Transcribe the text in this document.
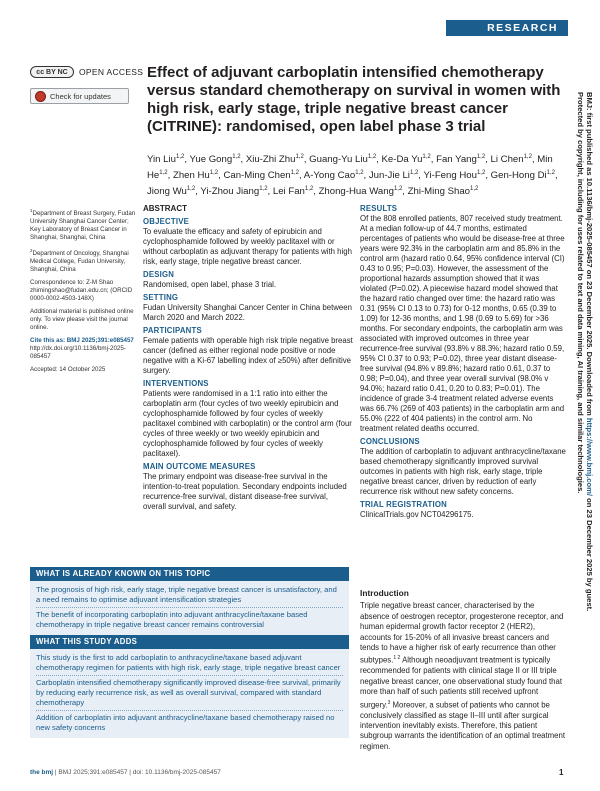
RESEARCH
cc BY NC	OPEN ACCESS
Check for updates
Effect of adjuvant carboplatin intensified chemotherapy versus standard chemotherapy on survival in women with high risk, early stage, triple negative breast cancer (CITRINE): randomised, open label phase 3 trial
Yin Liu$^{1,2}$, Yue Gong$^{1,2}$, Xiu-Zhi Zhu$^{1,2}$, Guang-Yu Liu$^{1,2}$, Ke-Da Yu$^{1,2}$, Fan Yang$^{1,2}$, Li Chen$^{1,2}$, Min He$^{1,2}$, Zhen Hu$^{1,2}$, Can-Ming Chen$^{1,2}$, A-Yong Cao$^{1,2}$, Jun-Jie Li$^{1,2}$, Yi-Feng Hou$^{1,2}$, Gen-Hong Di$^{1,2}$, Jiong Wu$^{1,2}$, Yi-Zhou Jiang$^{1,2}$, Lei Fan$^{1,2}$, Zhong-Hua Wang$^{1,2}$, Zhi-Ming Shao$^{1,2}$

$^1$Department of Breast Surgery, Fudan University Shanghai Cancer Center; Key Laboratory of Breast Cancer in Shanghai, Shanghai, China

$^2$Department of Oncology, Shanghai Medical College, Fudan University, Shanghai, China

Correspondence to: Z-M Shao zhimingshao@fudan.edu.cn; (ORCID 0000-0002-4503-148X)

Additional material is published online only. To view please visit the journal online.

Cite this as: BMJ 2025;391:e085457
http://dx.doi.org/10.1136/bmj-2025-085457

Accepted: 14 October 2025

ABSTRACT

OBJECTIVE

To evaluate the efficacy and safety of epirubicin and cyclophosphamide followed by weekly paclitaxel with or without carboplatin as adjuvant therapy for patients with high risk, early stage, triple negative breast cancer.

DESIGN

Randomised, open label, phase 3 trial.

SETTING

Fudan University Shanghai Cancer Center in China between March 2020 and March 2022.

PARTICIPANTS

Female patients with operable high risk triple negative breast cancer (defined as either regional node positive or node negative with a Ki-67 labelling index of ≥50%) after definitive surgery.

INTERVENTIONS

Patients were randomised in a 1:1 ratio into either the carboplatin arm (four cycles of two weekly epirubicin and cyclophosphamide followed by four cycles of weekly paclitaxel combined with carboplatin) or the control arm (four cycles of three weekly or two weekly epirubicin and cyclophosphamide followed by four cycles of weekly paclitaxel).

MAIN OUTCOME MEASURES

The primary endpoint was disease-free survival in the intention-to-treat population. Secondary endpoints included recurrence-free survival, distant disease-free survival, overall survival, and safety.

RESULTS

Of the 808 enrolled patients, 807 received study treatment. At a median follow-up of 44.7 months, estimated percentages of patients who would be disease-free at three years were 92.3% in the carboplatin arm and 85.8% in the control arm (hazard ratio 0.64, 95% confidence interval (CI) 0.43 to 0.95; P=0.03). However, the assessment of the proportional hazards assumption showed that it was violated (P=0.02). A piecewise hazard model showed that the hazard ratio changed over time: the hazard ratio was 0.31 (95% CI 0.13 to 0.73) for 0-12 months, 0.65 (0.39 to 1.09) for 12-36 months, and 1.98 (0.69 to 5.69) for >36 months. For secondary endpoints, the carboplatin arm was associated with improved outcomes in three year recurrence-free survival (93.8% v 88.3%; hazard ratio 0.59, 95% CI 0.37 to 0.93; P=0.02), three year distant disease-free survival (94.8% v 89.8%; hazard ratio 0.61, 0.37 to 0.98; P=0.04), and three year overall survival (98.0% v 94.0%; hazard ratio 0.41, 0.20 to 0.83; P=0.01). The incidence of grade 3-4 treatment related adverse events was 66.7% (269 of 403 patients) in the carboplatin arm and 55.0% (222 of 404 patients) in the control arm. No treatment related deaths occurred.

CONCLUSIONS

The addition of carboplatin to adjuvant anthracycline/taxane based chemotherapy significantly improved survival outcomes in patients with high risk, early stage, triple negative breast cancer, driven by reduction of early recurrence risk without new safety concerns.

TRIAL REGISTRATION

ClinicalTrials.gov NCT04296175.

WHAT IS ALREADY KNOWN ON THIS TOPIC

The prognosis of high risk, early stage, triple negative breast cancer is unsatisfactory, and a need remains to optimise adjuvant intensification strategies

The benefit of incorporating carboplatin into adjuvant anthracycline/taxane based chemotherapy in triple negative breast cancer remains controversial

WHAT THIS STUDY ADDS

This study is the first to add carboplatin to anthracycline/taxane based adjuvant chemotherapy regimen for patients with high risk, early stage, triple negative breast cancer

Carboplatin intensified chemotherapy significantly improved disease-free survival, primarily by reducing early recurrence risk, as well as overall survival, compared with standard chemotherapy

Addition of carboplatin into adjuvant anthracycline/taxane based chemotherapy raised no new safety concerns

Introduction
Triple negative breast cancer, characterised by the absence of oestrogen receptor, progesterone receptor, and human epidermal growth factor receptor 2 (HER2), accounts for 15-20% of all invasive breast cancers and tends to have a higher risk of early recurrence than other subtypes.$^{1 2}$ Although neoadjuvant treatment is typically recommended for patients with clinical stage II or III triple negative breast cancer, one observational study found that more than half of such patients still received upfront surgery.$^3$ Moreover, a subset of patients who cannot be conclusively classified as stage II–III until after surgical intervention inevitably exists. Therefore, this patient subgroup warrants the identification of an optimal treatment regimen.
the bmj | BMJ 2025;391:e085457 | doi: 10.1136/bmj-2025-085457	1
BMJ: first published as 10.1136/bmj-2025-085457 on 23 December 2025. Downloaded from https://www.bmj.com/ on 23 December 2025 by guest.
Protected by copyright, including for uses related to text and data mining, AI training, and similar technologies.
